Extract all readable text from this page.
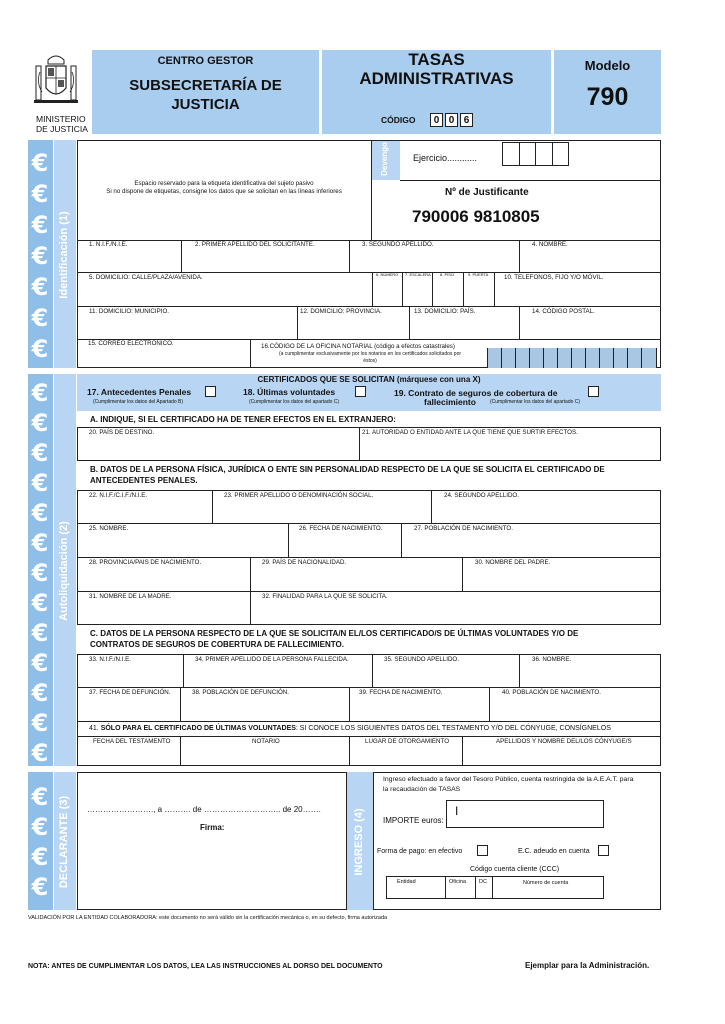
MINISTERIO
DE JUSTICIA
CENTRO GESTOR
SUBSECRETARÍA DE
JUSTICIA
TASAS
ADMINISTRATIVAS
CÓDIGO	0 0 6
Modelo
790
€
€
€
€
€
€
€
€
€
€
€
€
€
€
€
€
€
€
€
€
€
€
€
€
Identificación (1)
Autoliquidación (2)
DECLARANTE (3)	INGRESO (4)
Devengo
Espacio reservado para la etiqueta identificativa del sujeto pasivo
Si no dispone de etiquetas, consigne los datos que se solicitan en las líneas inferiores
Ejercicio............
Nº de Justificante
790006 9810805
1. N.I.F./N.I.E.	2. PRIMER APELLIDO DEL SOLICITANTE.	3. SEGUNDO APELLIDO.	4. NOMBRE.
5. DOMICILIO: CALLE/PLAZA/AVENIDA.	6. NÚMERO 7. ESCALERA 8. PISO	9. PUERTA	10. TELEFONOS, FIJO Y/O MÓVIL.
11. DOMICILIO: MUNICIPIO.	12. DOMICILIO: PROVINCIA.	13. DOMICILIO: PAÍS.	14. CÓDIGO POSTAL.
15. CORREO ELECTRÓNICO.	16.CÓDIGO DE LA OFICINA NOTARIAL (código a efectos catastrales)
(a cumplimentar exclusivamente por los notarios en los certificados solicitados por
éstos)
CERTIFICADOS QUE SE SOLICITAN (márquese con una X)
17. Antecedentes Penales
(Cumplimentar los datos del Apartado B)
18. Últimas voluntades
(Cumplimentar los datos del apartado C)
19. Contrato de seguros de cobertura de
fallecimiento	(Cumplimentar los datos del apartado C)
A. INDIQUE, SI EL CERTIFICADO HA DE TENER EFECTOS EN EL EXTRANJERO:
20. PAÍS DE DESTINO.	21. AUTORIDAD O ENTIDAD ANTE LA QUE TIENE QUE SURTIR EFECTOS.
B. DATOS DE LA PERSONA FÍSICA, JURÍDICA O ENTE SIN PERSONALIDAD RESPECTO DE LA QUE SE SOLICITA EL CERTIFICADO DE
ANTECEDENTES PENALES.
22. N.I.F./C.I.F./N.I.E.	23. PRIMER APELLIDO O DENOMINACIÓN SOCIAL.	24. SEGUNDO APELLIDO.
25. NOMBRE.	26. FECHA DE NACIMIENTO.	27. POBLACIÓN DE NACIMIENTO.
28. PROVINCIA/PAIS DE NACIMIENTO.	29. PAÍS DE NACIONALIDAD.	30. NOMBRE DEL PADRE.
31. NOMBRE DE LA MADRE.	32. FINALIDAD PARA LA QUE SE SOLICITA.
C. DATOS DE LA PERSONA RESPECTO DE LA QUE SE SOLICITA/N EL/LOS CERTIFICADO/S DE ÚLTIMAS VOLUNTADES Y/O DE
CONTRATOS DE SEGUROS DE COBERTURA DE FALLECIMIENTO.
33. N.I.F./N.I.E.	34. PRIMER APELLIDO DE LA PERSONA FALLECIDA.	35. SEGUNDO APELLIDO.	36. NOMBRE.
37. FECHA DE DEFUNCIÓN.	38. POBLACIÓN DE DEFUNCIÓN.	39. FECHA DE NACIMIENTO.	40. POBLACIÓN DE NACIMIENTO.
41. SÓLO PARA EL CERTIFICADO DE ÚLTIMAS VOLUNTADES: SI CONOCE LOS SIGUIENTES DATOS DEL TESTAMENTO Y/O DEL CÓNYUGE, CONSÍGNELOS
FECHA DEL TESTAMENTO	NOTARIO	LUGAR DE OTORGAMIENTO	APELLIDOS Y NOMBRE DEL/LOS CÓNYUGE/S
……………………., a ………. de ……………………….. de 20…….
Firma:
Ingreso efectuado a favor del Tesoro Público, cuenta restringida de la A.E.A.T. para
la recaudación de TASAS
IMPORTE euros:
I
Forma de pago: en efectivo	E.C. adeudo en cuenta
Código cuenta cliente (CCC)
Entidad	Oficina DC	Número de cuenta
VALIDACIÓN POR LA ENTIDAD COLABORADORA: este documento no será válido sin la certificación mecánica o, en su defecto, firma autorizada
NOTA: ANTES DE CUMPLIMENTAR LOS DATOS, LEA LAS INSTRUCCIONES AL DORSO DEL DOCUMENTO	Ejemplar para la Administración.
